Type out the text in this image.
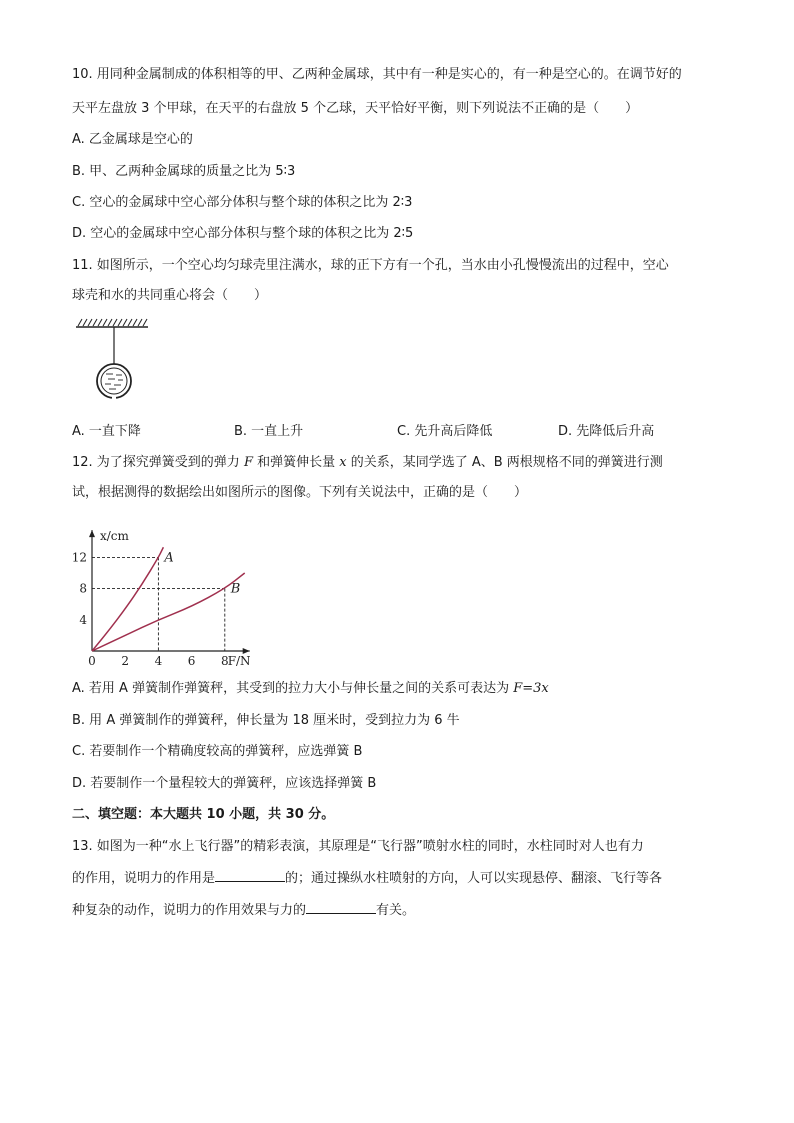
10. 用同种金属制成的体积相等的甲、乙两种金属球，其中有一种是实心的，有一种是空心的。在调节好的
天平左盘放 3 个甲球，在天平的右盘放 5 个乙球，天平恰好平衡，则下列说法不正确的是（　　）
A. 乙金属球是空心的
B. 甲、乙两种金属球的质量之比为 5∶3
C. 空心的金属球中空心部分体积与整个球的体积之比为 2∶3
D. 空心的金属球中空心部分体积与整个球的体积之比为 2∶5
11. 如图所示，一个空心均匀球壳里注满水，球的正下方有一个孔，当水由小孔慢慢流出的过程中，空心
球壳和水的共同重心将会（　　）
A. 一直下降	B. 一直上升	C. 先升高后降低	D. 先降低后升高
12. 为了探究弹簧受到的弹力 F 和弹簧伸长量 x 的关系，某同学选了 A、B 两根规格不同的弹簧进行测
试，根据测得的数据绘出如图所示的图像。下列有关说法中，正确的是（　　）
0 2 4 6 8
4
8
12
x/cm
F/N
A
B
A. 若用 A 弹簧制作弹簧秤，其受到的拉力大小与伸长量之间的关系可表达为 F=3x
B. 用 A 弹簧制作的弹簧秤，伸长量为 18 厘米时，受到拉力为 6 牛
C. 若要制作一个精确度较高的弹簧秤，应选弹簧 B
D. 若要制作一个量程较大的弹簧秤，应该选择弹簧 B
二、填空题：本大题共 10 小题，共 30 分。
13. 如图为一种“水上飞行器”的精彩表演，其原理是“飞行器”喷射水柱的同时，水柱同时对人也有力
的作用，说明力的作用是	的；通过操纵水柱喷射的方向，人可以实现悬停、翻滚、飞行等各
种复杂的动作，说明力的作用效果与力的	有关。
